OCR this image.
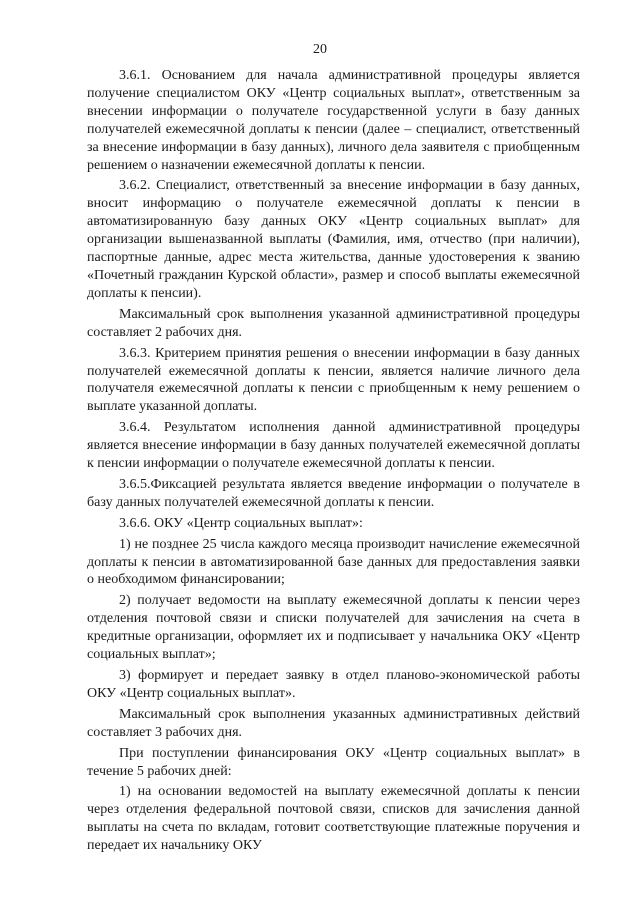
20

3.6.1. Основанием для начала административной процедуры является получение специалистом ОКУ «Центр социальных выплат», ответственным за внесении информации о получателе государственной услуги в базу данных получателей ежемесячной доплаты к пенсии (далее – специалист, ответственный за внесение информации в базу данных), личного дела заявителя с приобщенным решением о назначении ежемесячной доплаты к пенсии.

3.6.2. Специалист, ответственный за внесение информации в базу данных, вносит информацию о получателе ежемесячной доплаты к пенсии в автоматизированную базу данных ОКУ «Центр социальных выплат» для организации вышеназванной выплаты (Фамилия, имя, отчество (при наличии), паспортные данные, адрес места жительства, данные удостоверения к званию «Почетный гражданин Курской области», размер и способ выплаты ежемесячной доплаты к пенсии).

Максимальный срок выполнения указанной административной процедуры составляет 2 рабочих дня.

3.6.3. Критерием принятия решения о внесении информации в базу данных получателей ежемесячной доплаты к пенсии, является наличие личного дела получателя ежемесячной доплаты к пенсии с приобщенным к нему решением о выплате указанной доплаты.

3.6.4. Результатом исполнения данной административной процедуры является внесение информации в базу данных получателей ежемесячной доплаты к пенсии информации о получателе ежемесячной доплаты к пенсии.

3.6.5.Фиксацией результата является введение информации о получателе в базу данных получателей ежемесячной доплаты к пенсии.

3.6.6. ОКУ «Центр социальных выплат»:

1) не позднее 25 числа каждого месяца производит начисление ежемесячной доплаты к пенсии в автоматизированной базе данных для предоставления заявки о необходимом финансировании;

2) получает ведомости на выплату ежемесячной доплаты к пенсии через отделения почтовой связи и списки получателей для зачисления на счета в кредитные организации, оформляет их и подписывает у начальника ОКУ «Центр социальных выплат»;

3) формирует и передает заявку в отдел планово-экономической работы ОКУ «Центр социальных выплат».

Максимальный срок выполнения указанных административных действий составляет 3 рабочих дня.

При поступлении финансирования ОКУ «Центр социальных выплат» в течение 5 рабочих дней:

1) на основании ведомостей на выплату ежемесячной доплаты к пенсии через отделения федеральной почтовой связи, списков для зачисления данной выплаты на счета по вкладам, готовит соответствующие платежные поручения и передает их начальнику ОКУ
